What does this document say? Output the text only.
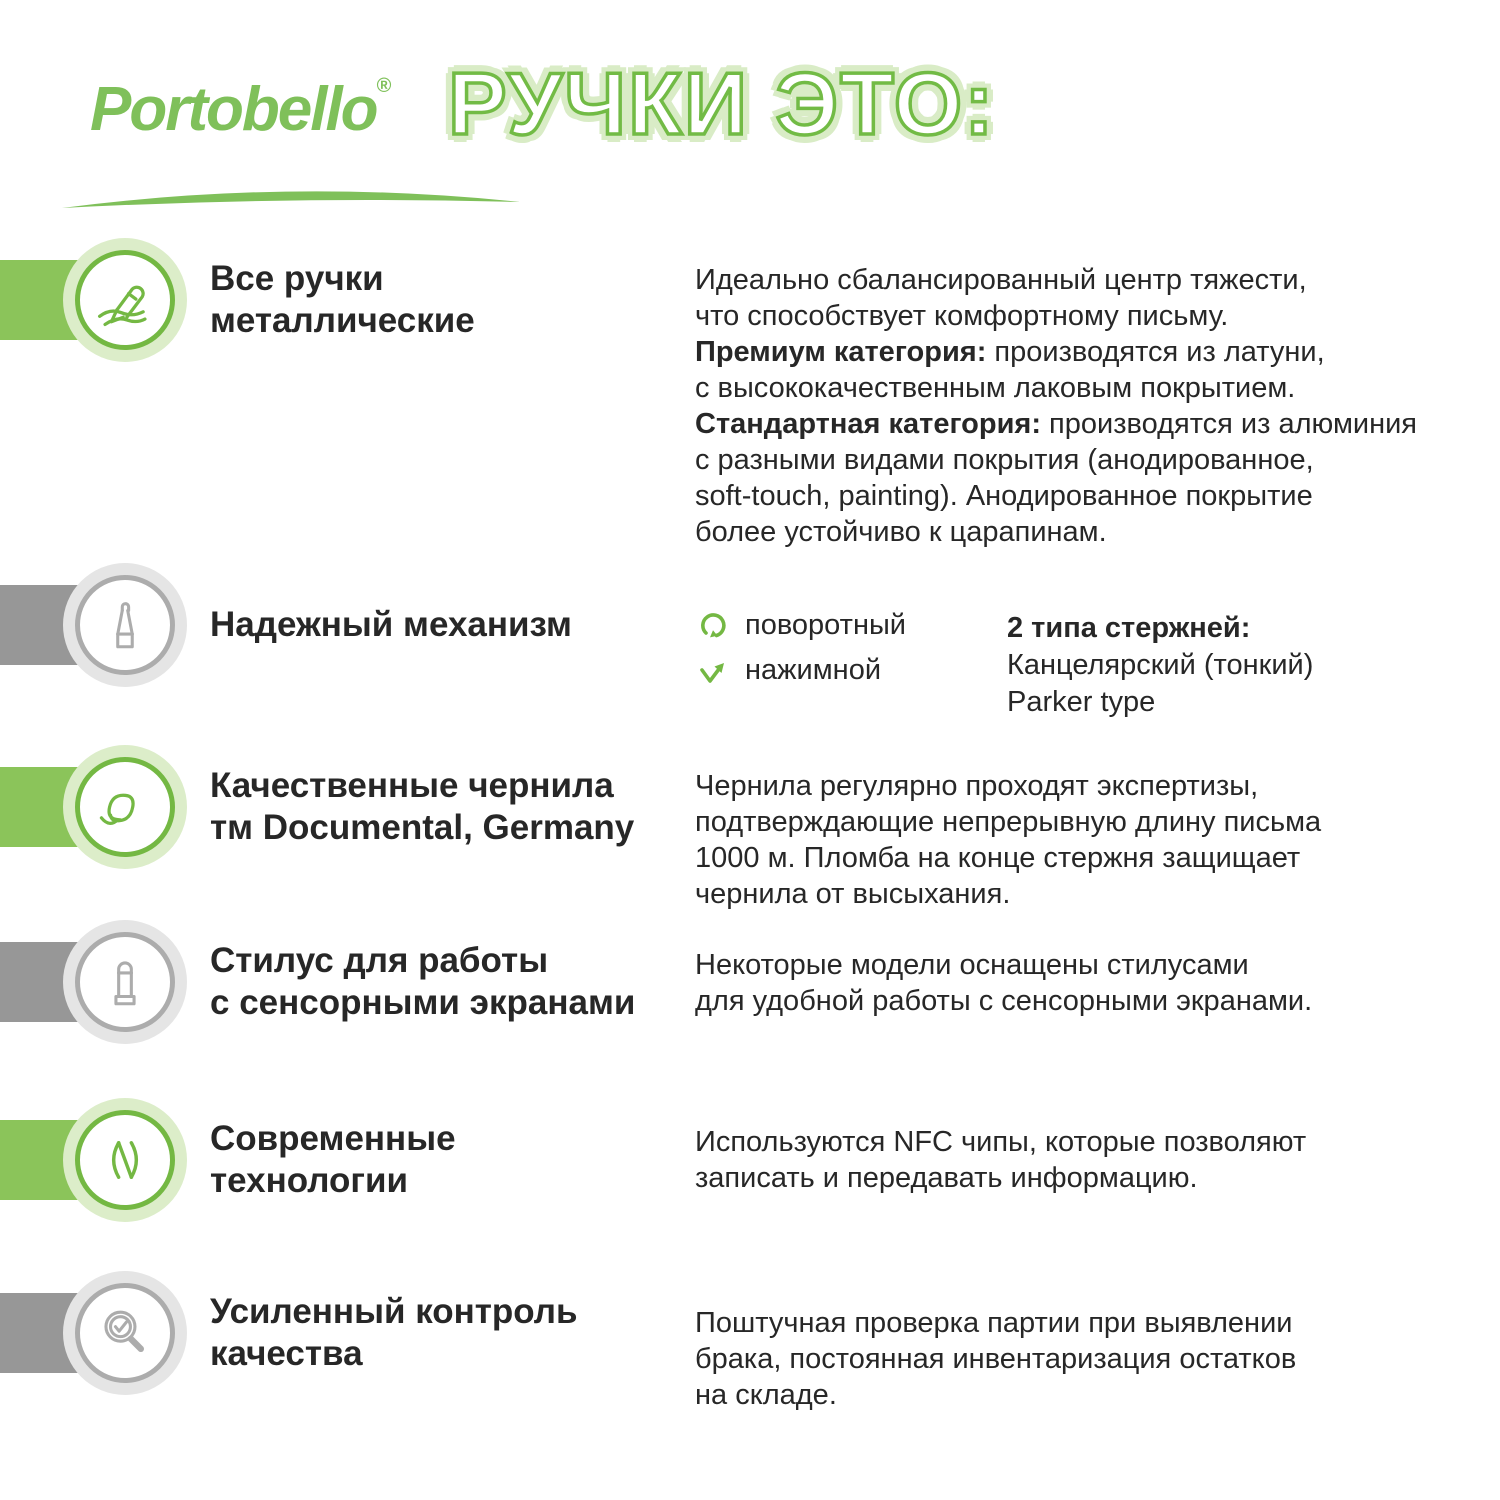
Portobello® РУЧКИ ЭТО:
Все ручки
металлические
Идеально сбалансированный центр тяжести,
что способствует комфортному письму.
Премиум категория: производятся из латуни,
с высококачественным лаковым покрытием.
Стандартная категория: производятся из алюминия
с разными видами покрытия (анодированное,
soft-touch, painting). Анодированное покрытие
более устойчиво к царапинам.
Надежный механизм	поворотный
нажимной
2 типа стержней:
Канцелярский (тонкий)
Parker type
Качественные чернила
тм Documental, Germany
Чернила регулярно проходят экспертизы,
подтверждающие непрерывную длину письма
1000 м. Пломба на конце стержня защищает
чернила от высыхания.
Стилус для работы
с сенсорными экранами
Некоторые модели оснащены стилусами
для удобной работы с сенсорными экранами.
Современные
технологии
Используются NFC чипы, которые позволяют
записать и передавать информацию.
Усиленный контроль
качества
Поштучная проверка партии при выявлении
брака, постоянная инвентаризация остатков
на складе.
